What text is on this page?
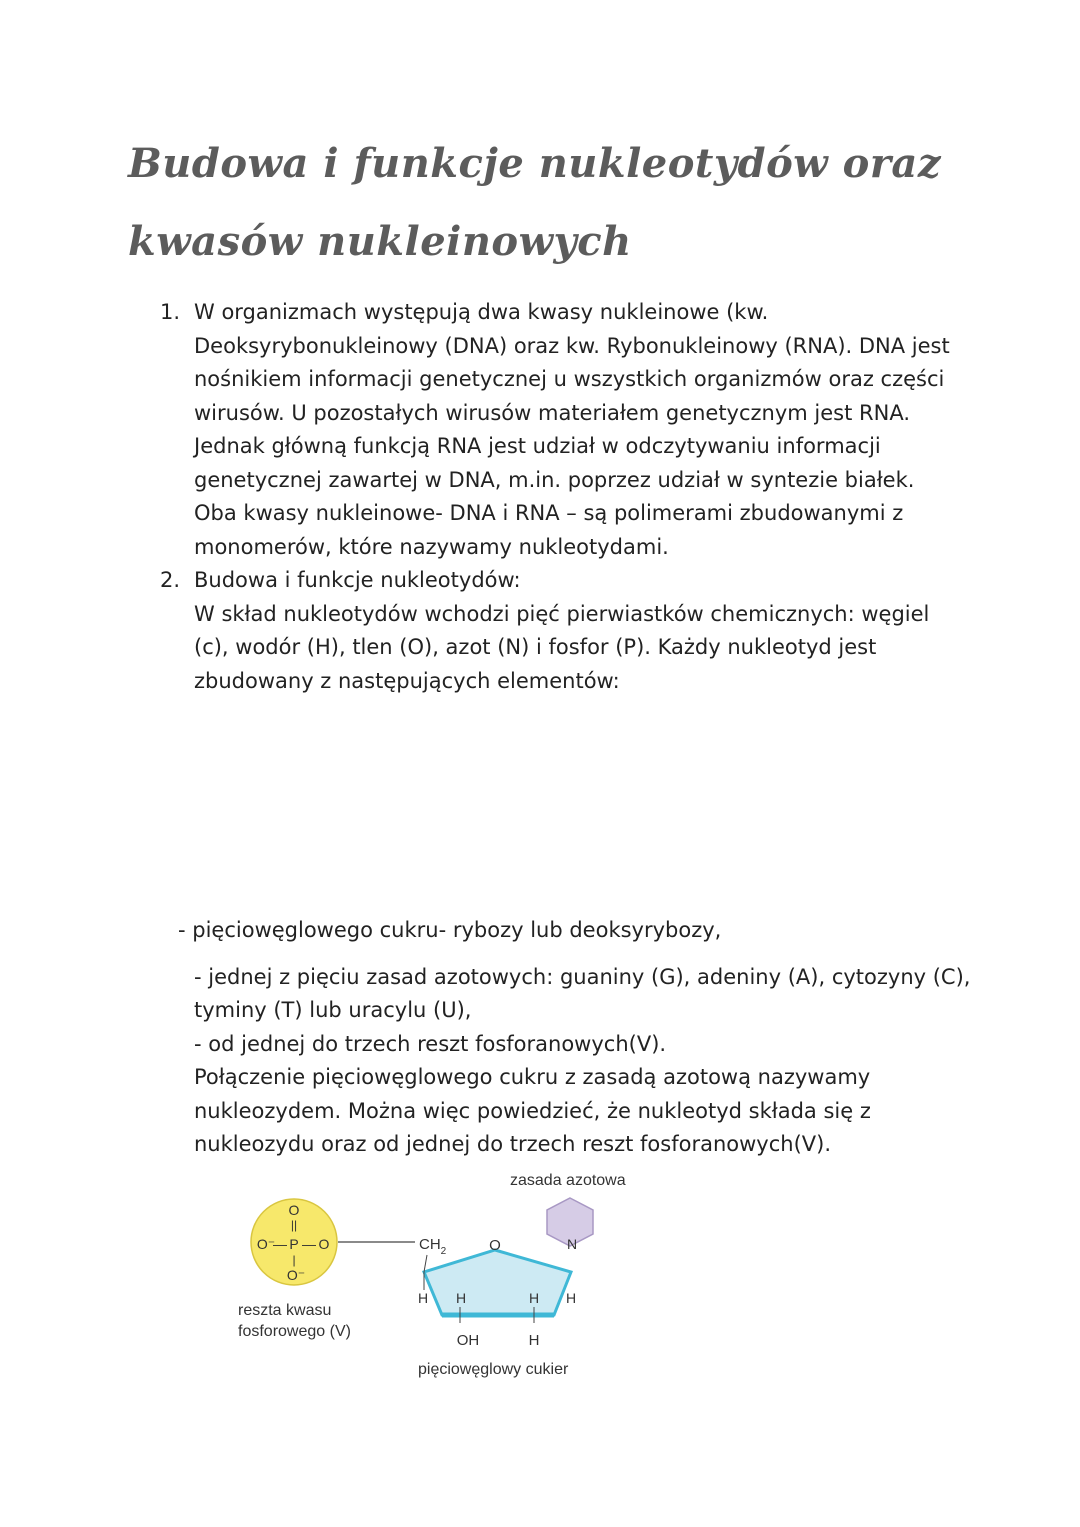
Budowa i funkcje nukleotydów oraz
kwasów nukleinowych
1. W organizmach występują dwa kwasy nukleinowe (kw. Deoksyrybonukleinowy (DNA) oraz kw. Rybonukleinowy (RNA). DNA jest nośnikiem informacji genetycznej u wszystkich organizmów oraz części wirusów. U pozostałych wirusów materiałem genetycznym jest RNA. Jednak główną funkcją RNA jest udział w odczytywaniu informacji genetycznej zawartej w DNA, m.in. poprzez udział w syntezie białek. Oba kwasy nukleinowe- DNA i RNA – są polimerami zbudowanymi z monomerów, które nazywamy nukleotydami.

2. Budowa i funkcje nukleotydów:

W skład nukleotydów wchodzi pięć pierwiastków chemicznych: węgiel (c), wodór (H), tlen (O), azot (N) i fosfor (P). Każdy nukleotyd jest zbudowany z następujących elementów:

- pięciowęglowego cukru- rybozy lub deoksyrybozy,

- jednej z pięciu zasad azotowych: guaniny (G), adeniny (A), cytozyny (C), tyminy (T) lub uracylu (U),

- od jednej do trzech reszt fosforanowych(V).

Połączenie pięciowęglowego cukru z zasadą azotową nazywamy nukleozydem. Można więc powiedzieć, że nukleotyd składa się z nukleozydu oraz od jednej do trzech reszt fosforanowych(V).

zasada azotowa
O
||
O⁻
— P — O
|
O⁻
$CH_2$	O	N
H H	H H
OH	H
reszta kwasu
fosforowego (V)
pięciowęglowy cukier
